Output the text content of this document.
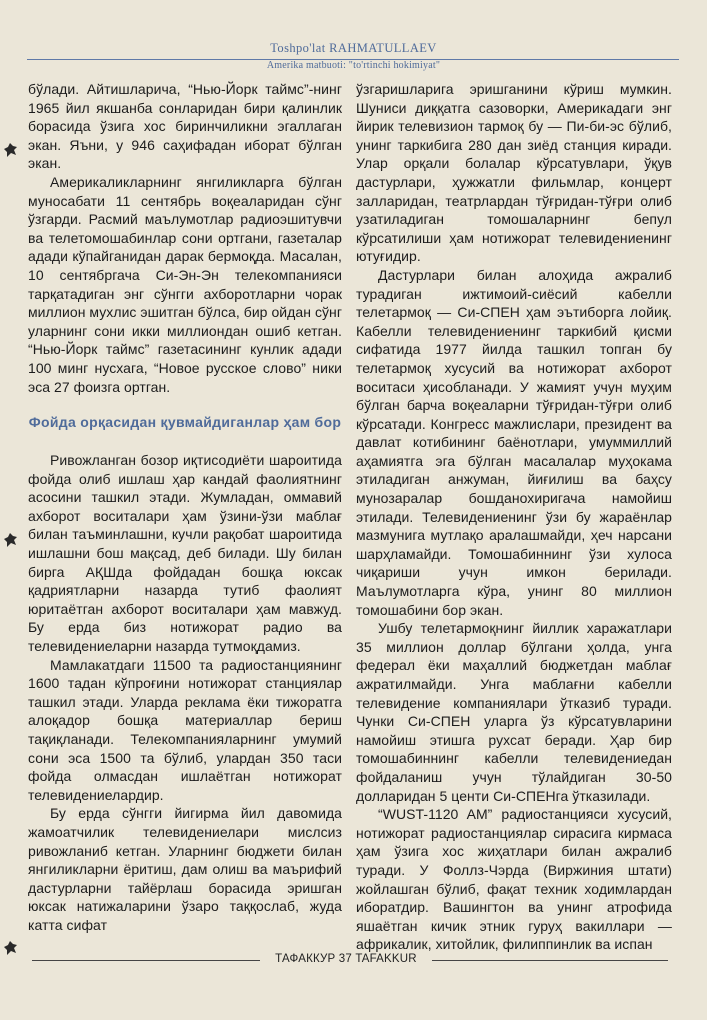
Toshpo'lat RAHMATULLAEV
Amerika matbuoti: "to'rtinchi hokimiyat"

бўлади. Айтишларича, “Нью-Йорк таймс”-нинг 1965 йил якшанба сонларидан бири қалинлик борасида ўзига хос биринчиликни эгаллаган экан. Яъни, у 946 саҳифадан иборат бўлган экан.

Америкаликларнинг янгиликларга бўлган муносабати 11 сентябрь воқеаларидан сўнг ўзгарди. Расмий маълумотлар радиоэшитувчи ва телетомошабинлар сони ортгани, газеталар адади кўпайганидан дарак бермоқда. Масалан, 10 сентябргача Си-Эн-Эн телекомпанияси тарқатадиган энг сўнгги ахборотларни чорак миллион мухлис эшитган бўлса, бир ойдан сўнг уларнинг сони икки миллиондан ошиб кетган. “Нью-Йорк таймс” газетасининг кунлик адади 100 минг нусхага, “Новое русское слово” ники эса 27 фоизга ортган.

Фойда орқасидан қувмайдиганлар ҳам бор

Ривожланган бозор иқтисодиёти шароитида фойда олиб ишлаш ҳар кандай фаолиятнинг асосини ташкил этади. Жумладан, оммавий ахборот воситалари ҳам ўзини-ўзи маблағ билан таъминлашни, кучли рақобат шароитида ишлашни бош мақсад, деб билади. Шу билан бирга АҚШда фойдадан бошқа юксак қадриятларни назарда тутиб фаолият юритаётган ахборот воситалари ҳам мавжуд. Бу ерда биз нотижорат радио ва телевидениеларни назарда тутмоқдамиз.

Мамлакатдаги 11500 та радиостанциянинг 1600 тадан кўпроғини нотижорат станциялар ташкил этади. Уларда реклама ёки тижоратга алоқадор бошқа материаллар бериш тақиқланади. Телекомпанияларнинг умумий сони эса 1500 та бўлиб, улардан 350 таси фойда олмасдан ишлаётган нотижорат телевидениелардир.

Бу ерда сўнгги йигирма йил давомида жамоатчилик телевидениелари мислсиз ривожланиб кетган. Уларнинг бюджети билан янгиликларни ёритиш, дам олиш ва маърифий дастурларни тайёрлаш борасида эришган юксак натижаларини ўзаро таққослаб, жуда катта сифат

ўзгаришларига эришганини кўриш мумкин. Шуниси диққатга сазоворки, Америкадаги энг йирик телевизион тармоқ бу — Пи-би-эс бўлиб, унинг таркибига 280 дан зиёд станция киради. Улар орқали болалар кўрсатувлари, ўқув дастурлари, ҳужжатли фильмлар, концерт залларидан, театрлардан тўғридан-тўғри олиб узатиладиган томошаларнинг бепул кўрсатилиши ҳам нотижорат телевидениенинг ютуғидир.

Дастурлари билан алоҳида ажралиб турадиган ижтимоий-сиёсий кабелли телетармоқ — Си-СПЕН ҳам эътиборга лойиқ. Кабелли телевидениенинг таркибий қисми сифатида 1977 йилда ташкил топган бу телетармоқ хусусий ва нотижорат ахборот воситаси ҳисобланади. У жамият учун муҳим бўлган барча воқеаларни тўғридан-тўғри олиб кўрсатади. Конгресс мажлислари, президент ва давлат котибининг баёнотлари, умуммиллий аҳамиятга эга бўлган масалалар муҳокама этиладиган анжуман, йиғилиш ва баҳсу мунозаралар бошданохиригача намойиш этилади. Телевидениенинг ўзи бу жараёнлар мазмунига мутлақо аралашмайди, ҳеч нарсани шарҳламайди. Томошабиннинг ўзи хулоса чиқариши учун имкон берилади. Маълумотларга кўра, унинг 80 миллион томошабини бор экан.

Ушбу телетармоқнинг йиллик харажатлари 35 миллион доллар бўлгани ҳолда, унга федерал ёки маҳаллий бюджетдан маблағ ажратилмайди. Унга маблағни кабелли телевидение компаниялари ўтказиб туради. Чунки Си-СПЕН уларга ўз кўрсатувларини намойиш этишга рухсат беради. Ҳар бир томошабиннинг кабелли телевидениедан фойдаланиш учун тўлайдиган 30-50 долларидан 5 центи Си-СПЕНга ўтказилади.

“WUST-1120 AM” радиостанцияси хусусий, нотижорат радиостанциялар сирасига кирмаса ҳам ўзига хос жиҳатлари билан ажралиб туради. У Фоллз-Чэрда (Виржиния штати) жойлашган бўлиб, фақат техник ходимлардан иборатдир. Вашингтон ва унинг атрофида яшаётган кичик этник гуруҳ вакиллари — африкалик, хитойлик, филиппинлик ва испан

ТАФАККУР 37 TAFAKKUR
